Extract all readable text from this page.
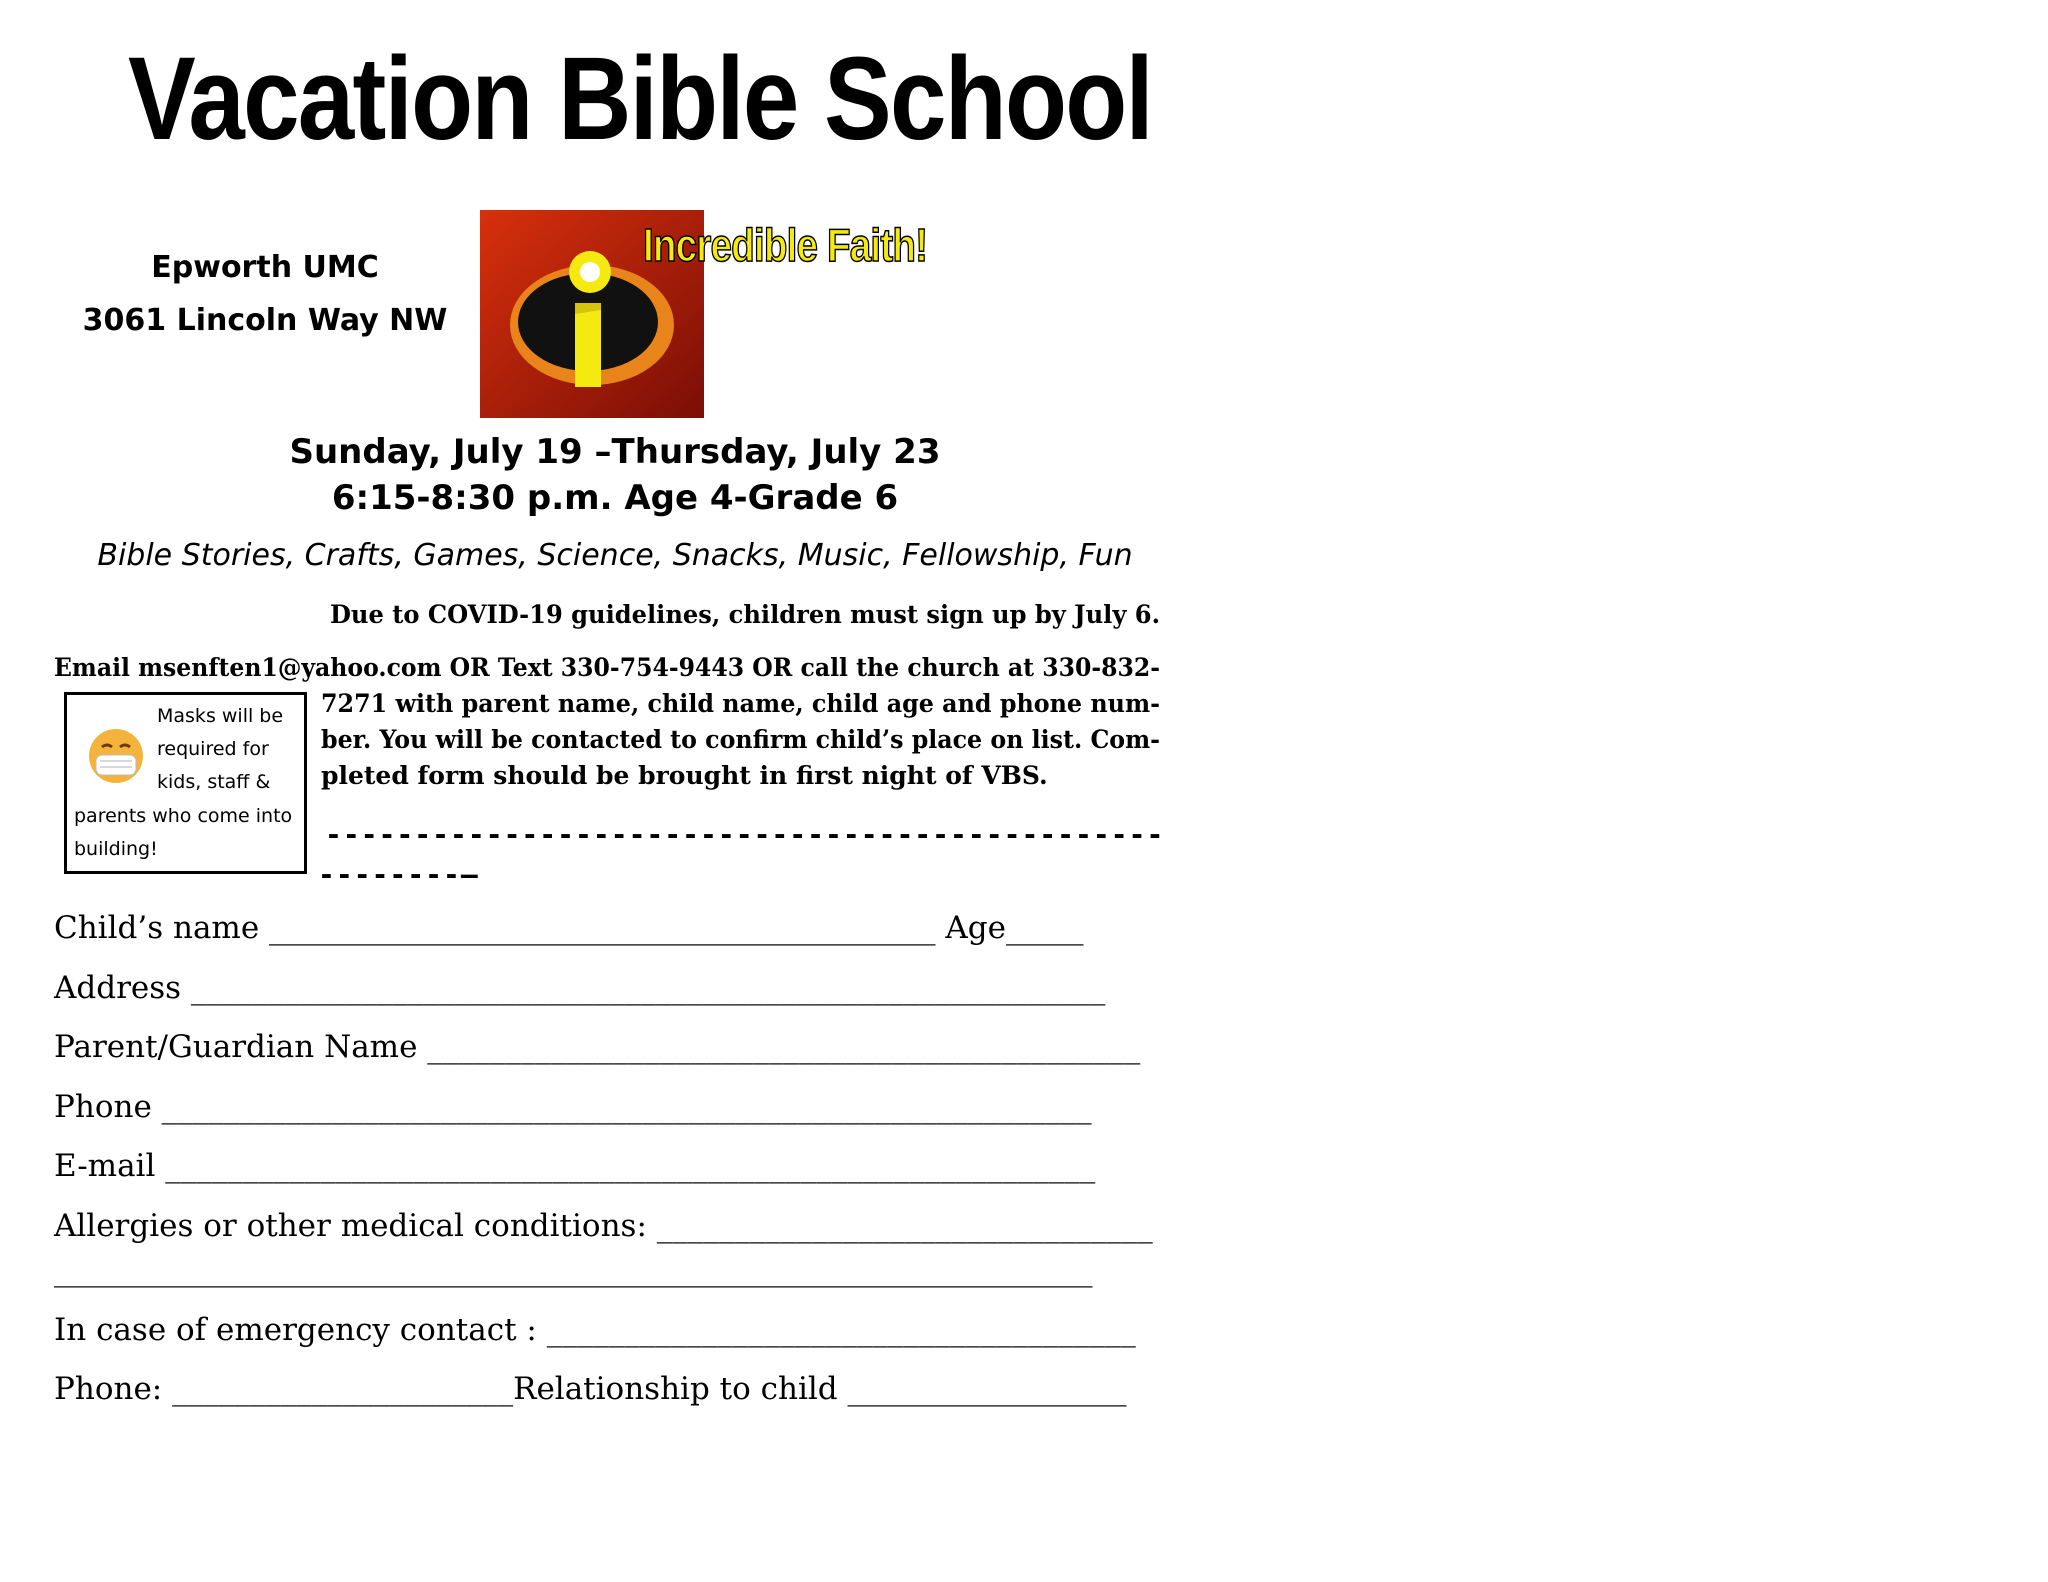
Vacation Bible School
Epworth UMC
3061 Lincoln Way NW
Incredible Faith!
Sunday, July 19 –Thursday, July 23
6:15-8:30 p.m. Age 4-Grade 6
Bible Stories, Crafts, Games, Science, Snacks, Music, Fellowship, Fun
Due to COVID-19 guidelines, children must sign up by July 6.
Email msenften1@yahoo.com OR Text 330-754-9443 OR call the church at 330-832-
7271 with parent name, child name, child age and phone num-
ber. You will be contacted to confirm child’s place on list. Com-
pleted form should be brought in first night of VBS.
Masks will be
required for
kids, staff &
parents who come into
building!	-----------------------------------------------
--------—
Child’s name ___________________________________________ Age_____
Address ___________________________________________________________
Parent/Guardian Name ______________________________________________
Phone ____________________________________________________________
E-mail ____________________________________________________________
Allergies or other medical conditions: ________________________________
___________________________________________________________________
In case of emergency contact : ______________________________________
Phone: ______________________Relationship to child __________________
